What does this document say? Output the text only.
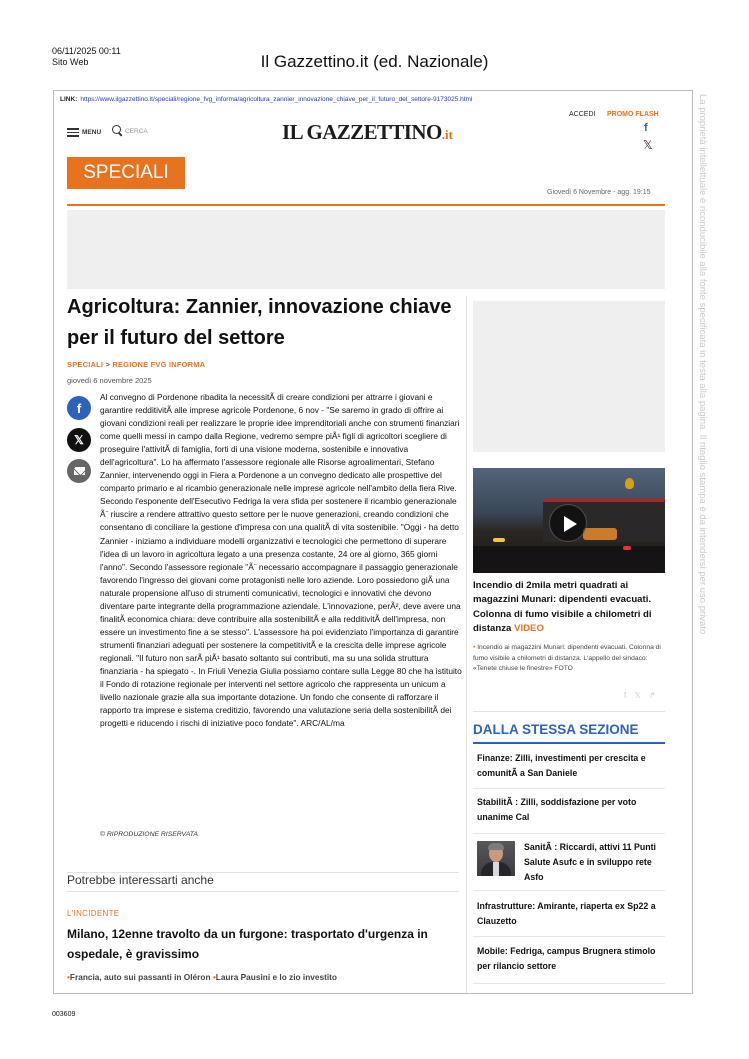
06/11/2025 00:11
Sito Web	Il Gazzettino.it (ed. Nazionale)
La proprietà intellettuale è riconducibile alla fonte specificata in testa alla pagina. Il ritaglio stampa è da intendersi per uso privato
003609
LINK: https://www.ilgazzettino.it/speciali/regione_fvg_informa/agricoltura_zannier_innovazione_chiave_per_il_futuro_del_settore-9173025.html
MENU	CERCA	IL GAZZETTINO.it
ACCEDI PROMO FLASH
f
𝕏
SPECIALI
Giovedì 6 Novembre - agg. 19:15
Agricoltura: Zannier, innovazione chiave per il futuro del settore
SPECIALI > REGIONE FVG INFORMA
giovedì 6 novembre 2025
f
𝕏

Al convegno di Pordenone ribadita la necessitÃ di creare condizioni per attrarre i giovani e garantire redditivitÃ alle imprese agricole Pordenone, 6 nov - "Se saremo in grado di offrire ai giovani condizioni reali per realizzare le proprie idee imprenditoriali anche con strumenti finanziari come quelli messi in campo dalla Regione, vedremo sempre piÃ¹ figli di agricoltori scegliere di proseguire l'attivitÃ di famiglia, forti di una visione moderna, sostenibile e innovativa dell'agricoltura". Lo ha affermato l'assessore regionale alle Risorse agroalimentari, Stefano Zannier, intervenendo oggi in Fiera a Pordenone a un convegno dedicato alle prospettive del comparto primario e al ricambio generazionale nelle imprese agricole nell'ambito della fiera Rive. Secondo l'esponente dell'Esecutivo Fedriga la vera sfida per sostenere il ricambio generazionale Ã¨ riuscire a rendere attrattivo questo settore per le nuove generazioni, creando condizioni che consentano di conciliare la gestione d'impresa con una qualitÃ di vita sostenibile. "Oggi - ha detto Zannier - iniziamo a individuare modelli organizzativi e tecnologici che permettono di superare l'idea di un lavoro in agricoltura legato a una presenza costante, 24 ore al giorno, 365 giorni l'anno". Secondo l'assessore regionale "Ã¨ necessario accompagnare il passaggio generazionale favorendo l'ingresso dei giovani come protagonisti nelle loro aziende. Loro possiedono giÃ una naturale propensione all'uso di strumenti comunicativi, tecnologici e innovativi che devono diventare parte integrante della programmazione aziendale. L'innovazione, perÃ², deve avere una finalitÃ economica chiara: deve contribuire alla sostenibilitÃ e alla redditivitÃ dell'impresa, non essere un investimento fine a se stesso". L'assessore ha poi evidenziato l'importanza di garantire strumenti finanziari adeguati per sostenere la competitivitÃ e la crescita delle imprese agricole regionali. "Il futuro non sarÃ piÃ¹ basato soltanto sui contributi, ma su una solida struttura finanziaria - ha spiegato -. In Friuli Venezia Giulia possiamo contare sulla Legge 80 che ha istituito il Fondo di rotazione regionale per interventi nel settore agricolo che rappresenta un unicum a livello nazionale grazie alla sua importante dotazione. Un fondo che consente di rafforzare il rapporto tra imprese e sistema creditizio, favorendo una valutazione seria della sostenibilitÃ dei progetti e riducendo i rischi di iniziative poco fondate". ARC/AL/ma

© RIPRODUZIONE RISERVATA
Incendio di 2mila metri quadrati ai magazzini Munari: dipendenti evacuati. Colonna di fumo visibile a chilometri di distanza VIDEO
• Incendio ai magazzini Munari: dipendenti evacuati. Colonna di fumo visibile a chilometri di distanza. L'appello del sindaco: «Tenete chiuse le finestre» FOTO
f 𝕏 ↱
DALLA STESSA SEZIONE
Finanze: Zilli, investimenti per crescita e comunitÃ a San Daniele
StabilitÃ : Zilli, soddisfazione per voto unanime Cal
SanitÃ : Riccardi, attivi 11 Punti Salute Asufc e in sviluppo rete Asfo
Infrastrutture: Amirante, riaperta ex Sp22 a Clauzetto
Mobile: Fedriga, campus Brugnera stimolo per rilancio settore
Potrebbe interessarti anche
L'INCIDENTE
Milano, 12enne travolto da un furgone: trasportato d'urgenza in ospedale, è gravissimo
•Francia, auto sui passanti in Oléron •Laura Pausini e lo zio investito
